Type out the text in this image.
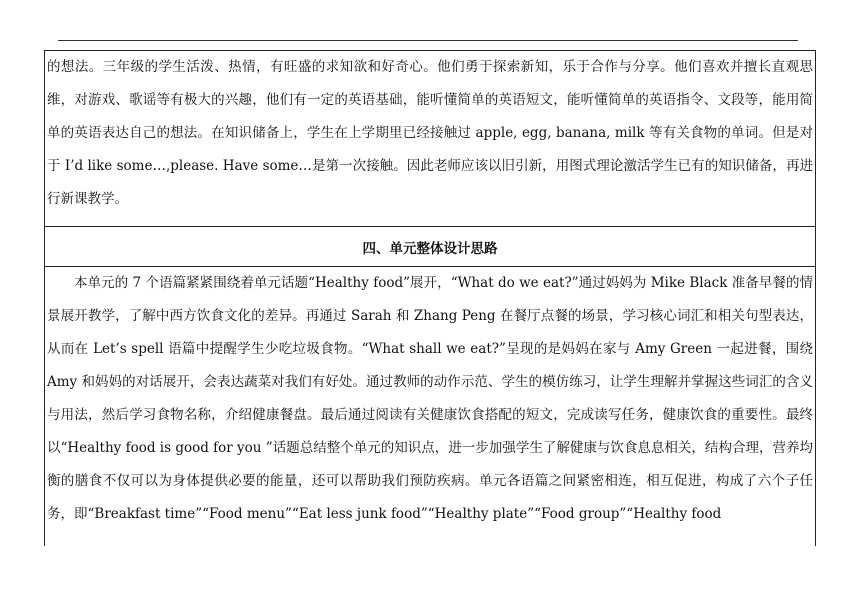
的想法。三年级的学生活泼、热情，有旺盛的求知欲和好奇心。他们勇于探索新知，乐于合作与分享。他们喜欢并擅长直观思维，对游戏、歌谣等有极大的兴趣，他们有一定的英语基础，能听懂简单的英语短文，能听懂简单的英语指令、文段等，能用简单的英语表达自己的想法。在知识储备上，学生在上学期里已经接触过 apple, egg, banana, milk 等有关食物的单词。但是对于 I’d like some…,please. Have some…是第一次接触。因此老师应该以旧引新，用图式理论激活学生已有的知识储备，再进行新课教学。

四、单元整体设计思路

本单元的 7 个语篇紧紧围绕着单元话题“Healthy food”展开，“What do we eat?”通过妈妈为 Mike Black 准备早餐的情景展开教学，了解中西方饮食文化的差异。再通过 Sarah 和 Zhang Peng 在餐厅点餐的场景，学习核心词汇和相关句型表达，从而在 Let’s spell 语篇中提醒学生少吃垃圾食物。“What shall we eat?”呈现的是妈妈在家与 Amy Green 一起进餐，围绕 Amy 和妈妈的对话展开，会表达蔬菜对我们有好处。通过教师的动作示范、学生的模仿练习，让学生理解并掌握这些词汇的含义与用法，然后学习食物名称，介绍健康餐盘。最后通过阅读有关健康饮食搭配的短文，完成读写任务，健康饮食的重要性。最终以“Healthy food is good for you ”话题总结整个单元的知识点，进一步加强学生了解健康与饮食息息相关，结构合理，营养均衡的膳食不仅可以为身体提供必要的能量，还可以帮助我们预防疾病。单元各语篇之间紧密相连，相互促进，构成了六个子任务，即“Breakfast time”“Food menu”“Eat less junk food”“Healthy plate”“Food group”“Healthy food
